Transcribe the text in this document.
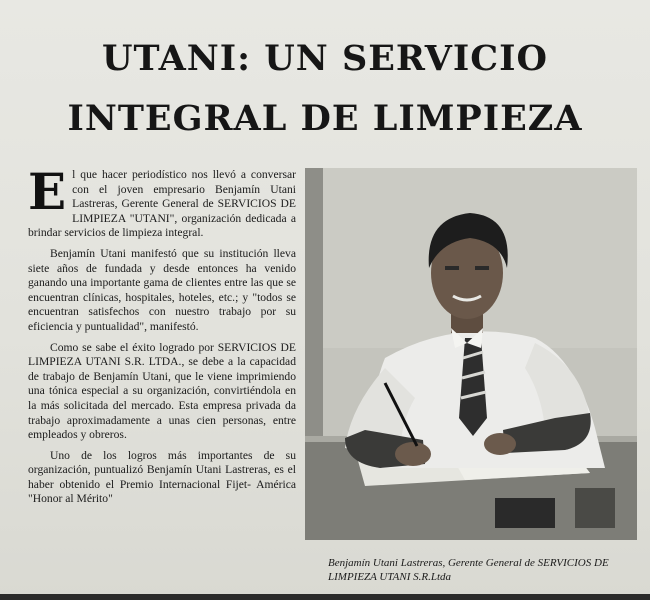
UTANI: UN SERVICIO
INTEGRAL DE LIMPIEZA

El que hacer periodístico nos llevó a conversar con el joven empresario Benjamín Utani Lastreras, Gerente General de SERVICIOS DE LIMPIEZA "UTANI", organización dedicada a brindar servicios de limpieza integral.

Benjamín Utani manifestó que su institución lleva siete años de fundada y desde entonces ha venido ganando una importante gama de clientes entre las que se encuentran clínicas, hospitales, hoteles, etc.; y "todos se encuentran satisfechos con nuestro trabajo por su eficiencia y puntualidad", manifestó.

Como se sabe el éxito logrado por SERVICIOS DE LIMPIEZA UTANI S.R. LTDA., se debe a la capacidad de trabajo de Benjamín Utani, que le viene imprimiendo una tónica especial a su organización, convirtiéndola en la más solicitada del mercado. Esta empresa privada da trabajo aproximadamente a unas cien personas, entre empleados y obreros.

Uno de los logros más importantes de su organización, puntualizó Benjamín Utani Lastreras, es el haber obtenido el Premio Internacional Fijet- América "Honor al Mérito"

Benjamín Utani Lastreras, Gerente General de SERVICIOS DE LIMPIEZA UTANI S.R.Ltda
